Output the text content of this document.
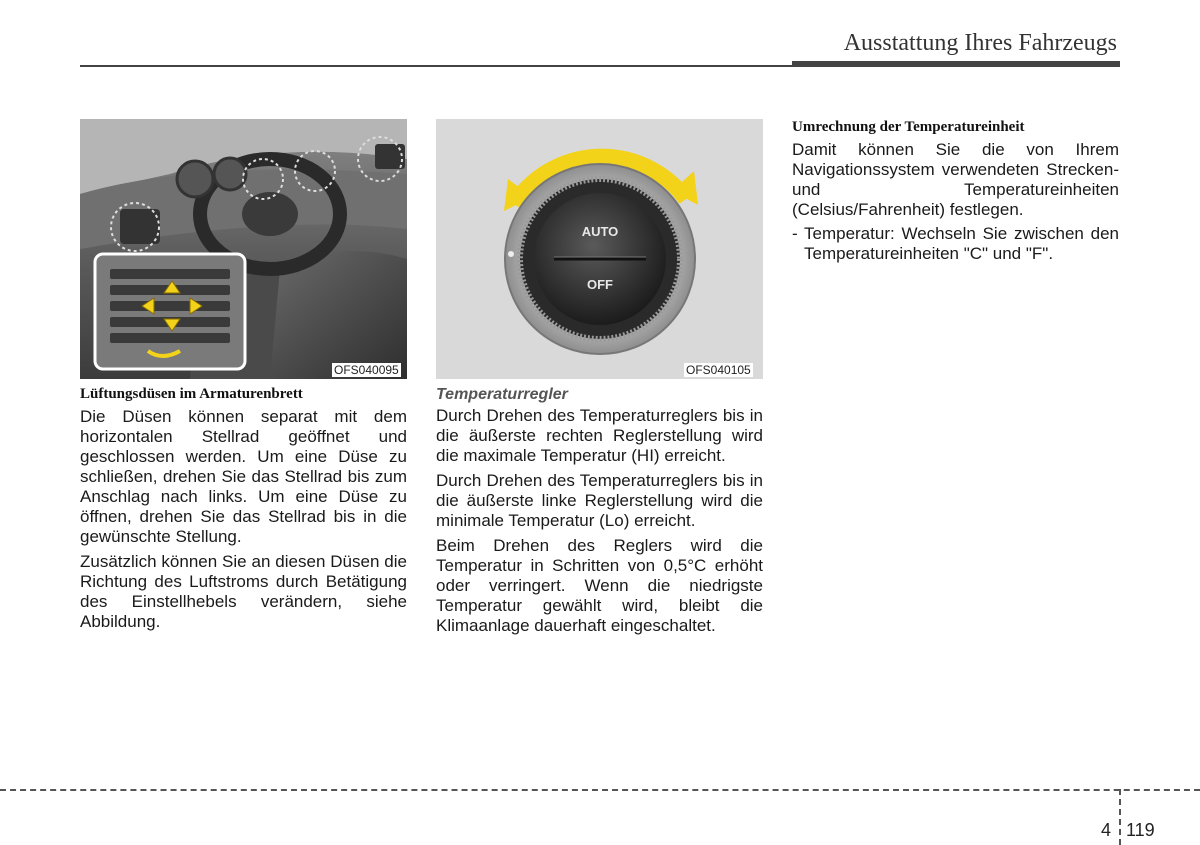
Ausstattung Ihres Fahrzeugs
OFS040095
Lüftungsdüsen im Armaturenbrett

Die Düsen können separat mit dem horizontalen Stellrad geöffnet und geschlossen werden. Um eine Düse zu schließen, drehen Sie das Stellrad bis zum Anschlag nach links. Um eine Düse zu öffnen, drehen Sie das Stellrad bis in die gewünschte Stellung.

Zusätzlich können Sie an diesen Düsen die Richtung des Luftstroms durch Betätigung des Einstellhebels verändern, siehe Abbildung.

AUTO
OFF
OFS040105
Temperaturregler

Durch Drehen des Temperaturreglers bis in die äußerste rechten Reglerstellung wird die maximale Temperatur (HI) erreicht.

Durch Drehen des Temperaturreglers bis in die äußerste linke Reglerstellung wird die minimale Temperatur (Lo) erreicht.

Beim Drehen des Reglers wird die Temperatur in Schritten von 0,5°C erhöht oder verringert. Wenn die niedrigste Temperatur gewählt wird, bleibt die Klimaanlage dauerhaft eingeschaltet.

Umrechnung der Temperatureinheit

Damit können Sie die von Ihrem Navigationssystem verwendeten Strecken- und Temperatureinheiten (Celsius/Fahrenheit) festlegen.

- Temperatur: Wechseln Sie zwischen den Temperatureinheiten "C" und "F".
4 119
